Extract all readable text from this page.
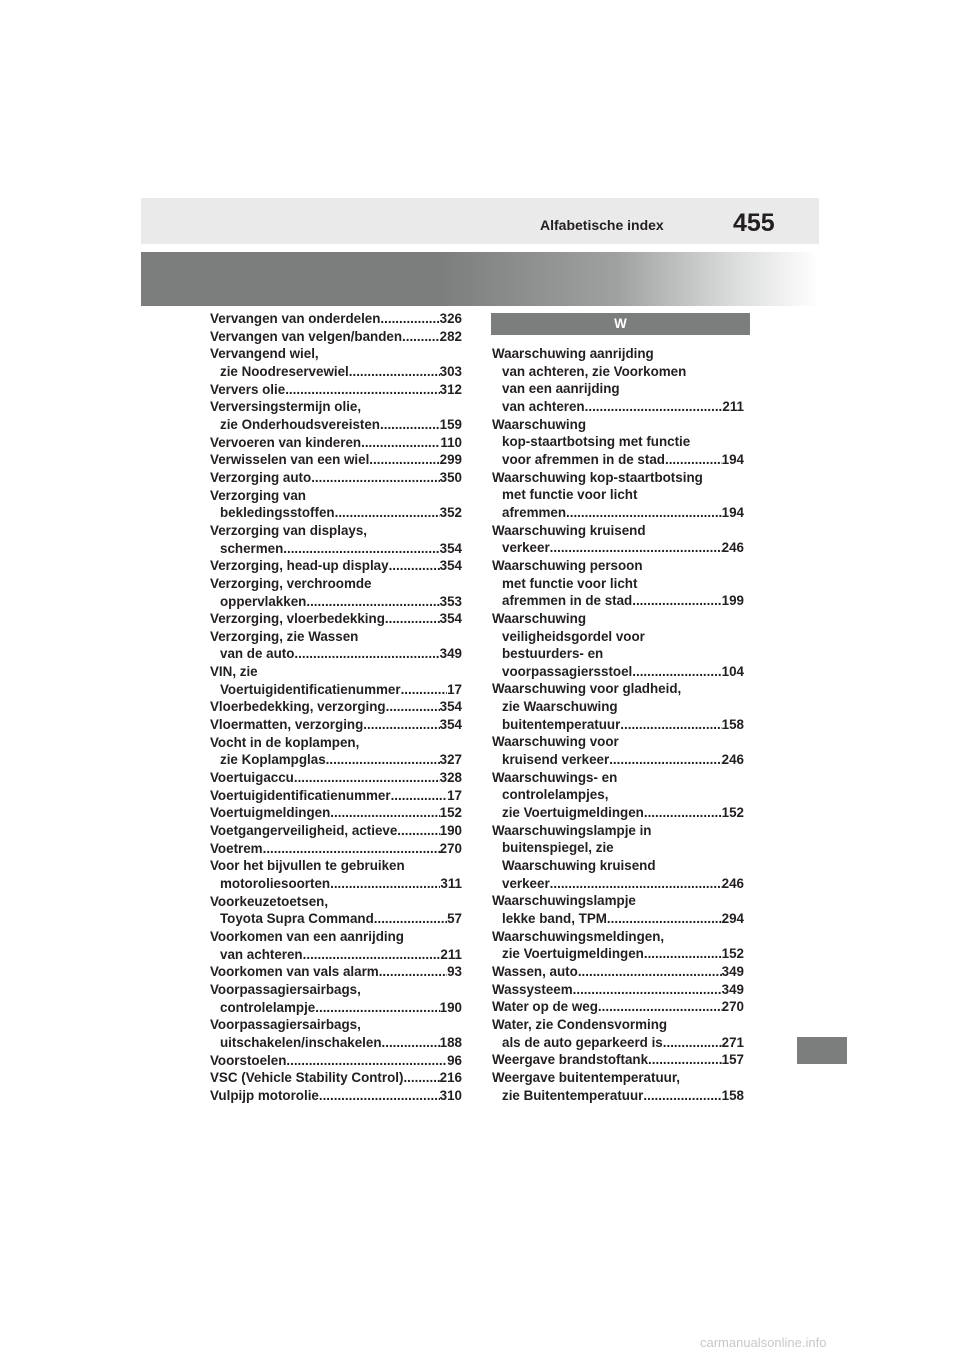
Alfabetische index	455
Vervangen van onderdelen .....	326
Vervangen van velgen/banden .....	282
Vervangend wiel,
zie Noodreservewiel .....	303
Ververs olie .....	312
Verversingstermijn olie,
zie Onderhoudsvereisten .....	159
Vervoeren van kinderen .....	110
Verwisselen van een wiel .....	299
Verzorging auto .....	350
Verzorging van
bekledingsstoffen .....	352
Verzorging van displays,
schermen .....	354
Verzorging, head-up display .....	354
Verzorging, verchroomde
oppervlakken .....	353
Verzorging, vloerbedekking .....	354
Verzorging, zie Wassen
van de auto .....	349
VIN, zie
Voertuigidentificatienummer .....	17
Vloerbedekking, verzorging .....	354
Vloermatten, verzorging .....	354
Vocht in de koplampen,
zie Koplampglas .....	327
Voertuigaccu .....	328
Voertuigidentificatienummer .....	17
Voertuigmeldingen .....	152
Voetgangerveiligheid, actieve .....	190
Voetrem .....	270
Voor het bijvullen te gebruiken
motoroliesoorten .....	311
Voorkeuzetoetsen,
Toyota Supra Command .....	57
Voorkomen van een aanrijding
van achteren .....	211
Voorkomen van vals alarm .....	93
Voorpassagiersairbags,
controlelampje .....	190
Voorpassagiersairbags,
uitschakelen/inschakelen .....	188
Voorstoelen .....	96
VSC (Vehicle Stability Control) .....	216
Vulpijp motorolie .....	310
W
Waarschuwing aanrijding
van achteren, zie Voorkomen
van een aanrijding
van achteren .....	211
Waarschuwing
kop-staartbotsing met functie
voor afremmen in de stad .....	194
Waarschuwing kop-staartbotsing
met functie voor licht
afremmen .....	194
Waarschuwing kruisend
verkeer .....	246
Waarschuwing persoon
met functie voor licht
afremmen in de stad .....	199
Waarschuwing
veiligheidsgordel voor
bestuurders- en
voorpassagiersstoel .....	104
Waarschuwing voor gladheid,
zie Waarschuwing
buitentemperatuur .....	158
Waarschuwing voor
kruisend verkeer .....	246
Waarschuwings- en
controlelampjes,
zie Voertuigmeldingen .....	152
Waarschuwingslampje in
buitenspiegel, zie
Waarschuwing kruisend
verkeer .....	246
Waarschuwingslampje
lekke band, TPM .....	294
Waarschuwingsmeldingen,
zie Voertuigmeldingen .....	152
Wassen, auto .....	349
Wassysteem .....	349
Water op de weg .....	270
Water, zie Condensvorming
als de auto geparkeerd is .....	271
Weergave brandstoftank .....	157
Weergave buitentemperatuur,
zie Buitentemperatuur .....	158
carmanualsonline.info
